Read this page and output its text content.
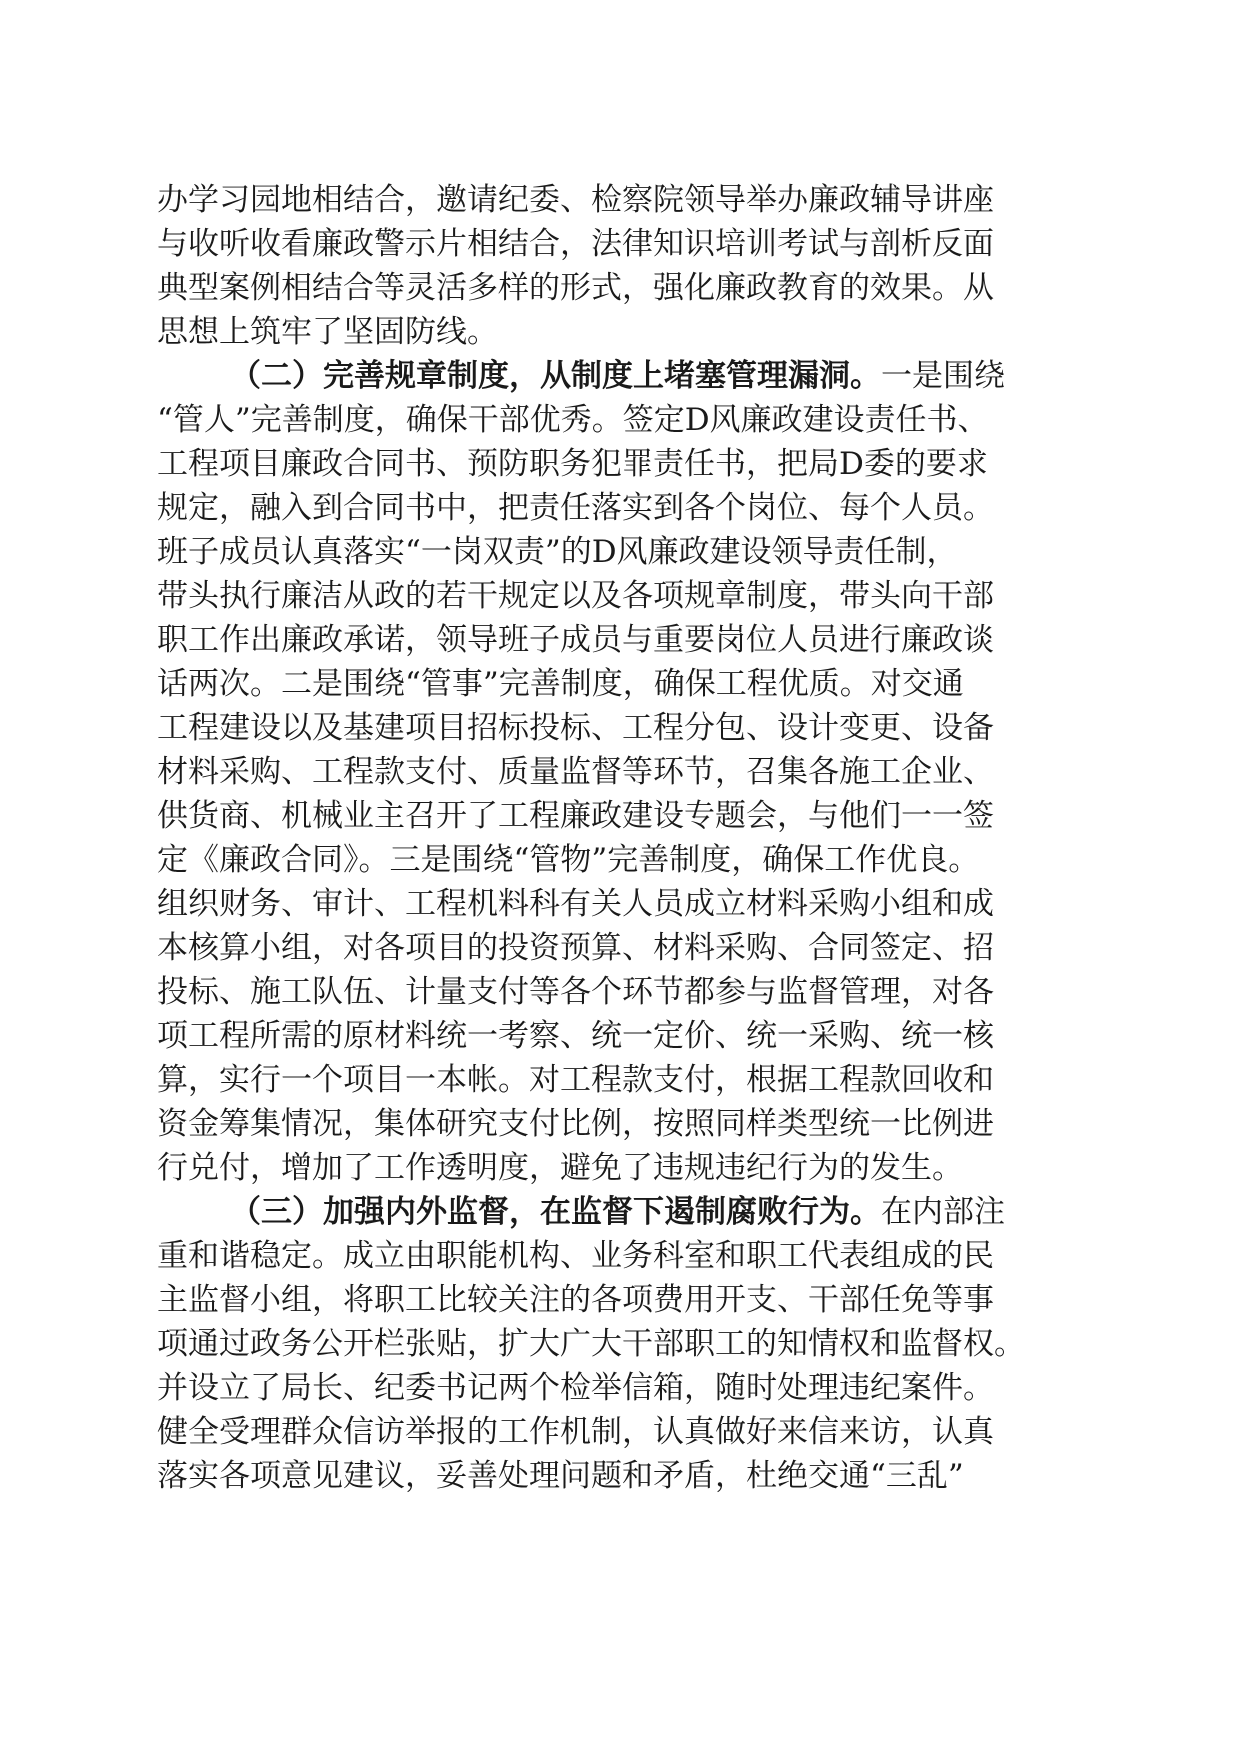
办学习园地相结合，邀请纪委、检察院领导举办廉政辅导讲座
与收听收看廉政警示片相结合，法律知识培训考试与剖析反面
典型案例相结合等灵活多样的形式，强化廉政教育的效果。从
思想上筑牢了坚固防线。
（二）完善规章制度，从制度上堵塞管理漏洞。一是围绕
“管人”完善制度，确保干部优秀。签定D风廉政建设责任书、
工程项目廉政合同书、预防职务犯罪责任书，把局D委的要求
规定，融入到合同书中，把责任落实到各个岗位、每个人员。
班子成员认真落实“一岗双责”的D风廉政建设领导责任制，
带头执行廉洁从政的若干规定以及各项规章制度，带头向干部
职工作出廉政承诺，领导班子成员与重要岗位人员进行廉政谈
话两次。二是围绕“管事”完善制度，确保工程优质。对交通
工程建设以及基建项目招标投标、工程分包、设计变更、设备
材料采购、工程款支付、质量监督等环节，召集各施工企业、
供货商、机械业主召开了工程廉政建设专题会，与他们一一签
定《廉政合同》。三是围绕“管物”完善制度，确保工作优良。
组织财务、审计、工程机料科有关人员成立材料采购小组和成
本核算小组，对各项目的投资预算、材料采购、合同签定、招
投标、施工队伍、计量支付等各个环节都参与监督管理，对各
项工程所需的原材料统一考察、统一定价、统一采购、统一核
算，实行一个项目一本帐。对工程款支付，根据工程款回收和
资金筹集情况，集体研究支付比例，按照同样类型统一比例进
行兑付，增加了工作透明度，避免了违规违纪行为的发生。
（三）加强内外监督，在监督下遏制腐败行为。在内部注
重和谐稳定。成立由职能机构、业务科室和职工代表组成的民
主监督小组，将职工比较关注的各项费用开支、干部任免等事
项通过政务公开栏张贴，扩大广大干部职工的知情权和监督权。
并设立了局长、纪委书记两个检举信箱，随时处理违纪案件。
健全受理群众信访举报的工作机制，认真做好来信来访，认真
落实各项意见建议，妥善处理问题和矛盾，杜绝交通“三乱”
